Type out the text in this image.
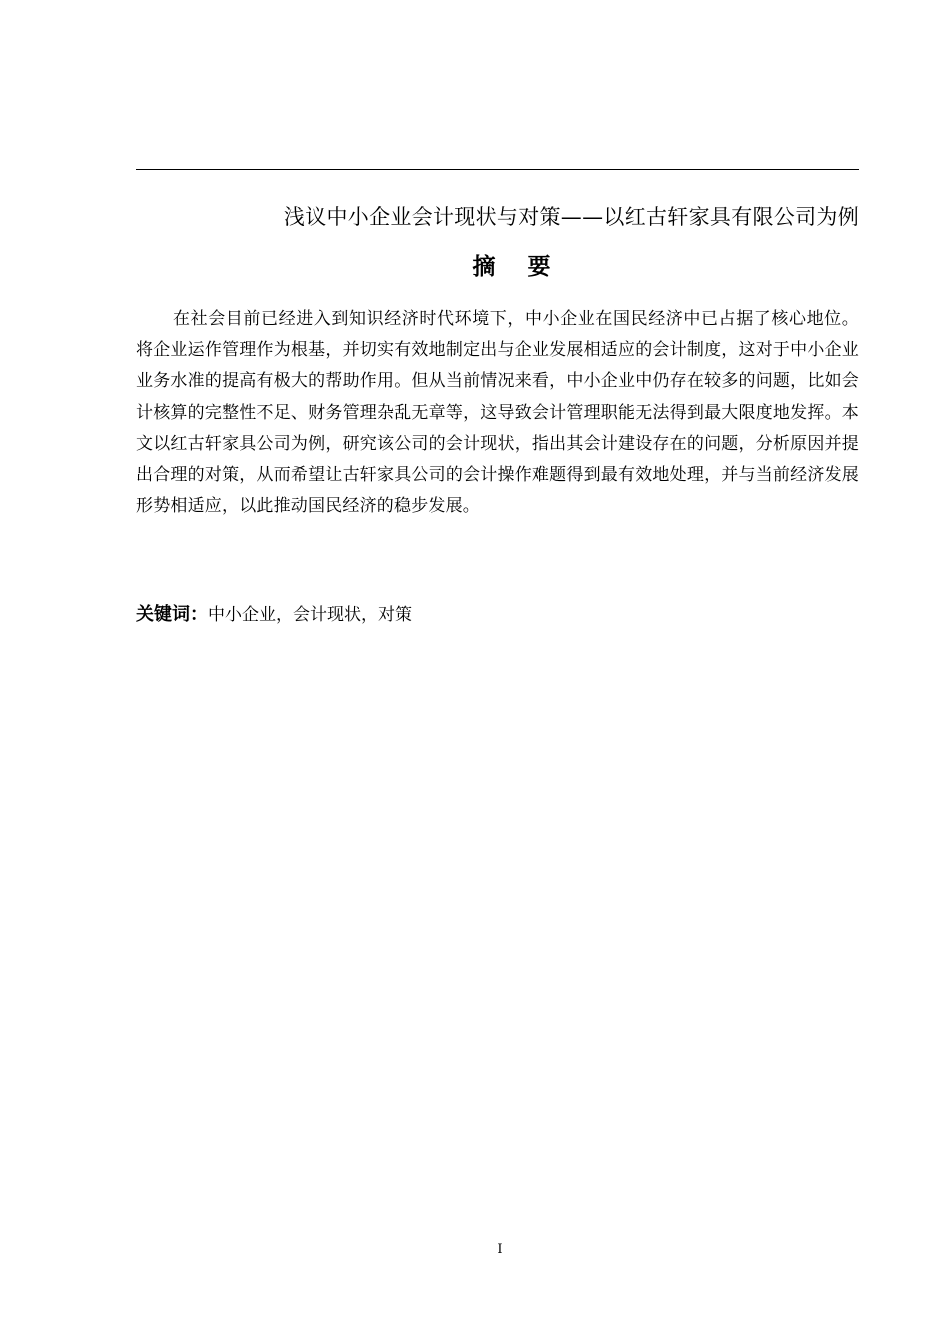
浅议中小企业会计现状与对策——以红古轩家具有限公司为例
摘 要

在社会目前已经进入到知识经济时代环境下，中小企业在国民经济中已占据了核心地位。将企业运作管理作为根基，并切实有效地制定出与企业发展相适应的会计制度，这对于中小企业业务水准的提高有极大的帮助作用。但从当前情况来看，中小企业中仍存在较多的问题，比如会计核算的完整性不足、财务管理杂乱无章等，这导致会计管理职能无法得到最大限度地发挥。本文以红古轩家具公司为例，研究该公司的会计现状，指出其会计建设存在的问题，分析原因并提出合理的对策，从而希望让古轩家具公司的会计操作难题得到最有效地处理，并与当前经济发展形势相适应，以此推动国民经济的稳步发展。

关键词：中小企业，会计现状，对策
I
